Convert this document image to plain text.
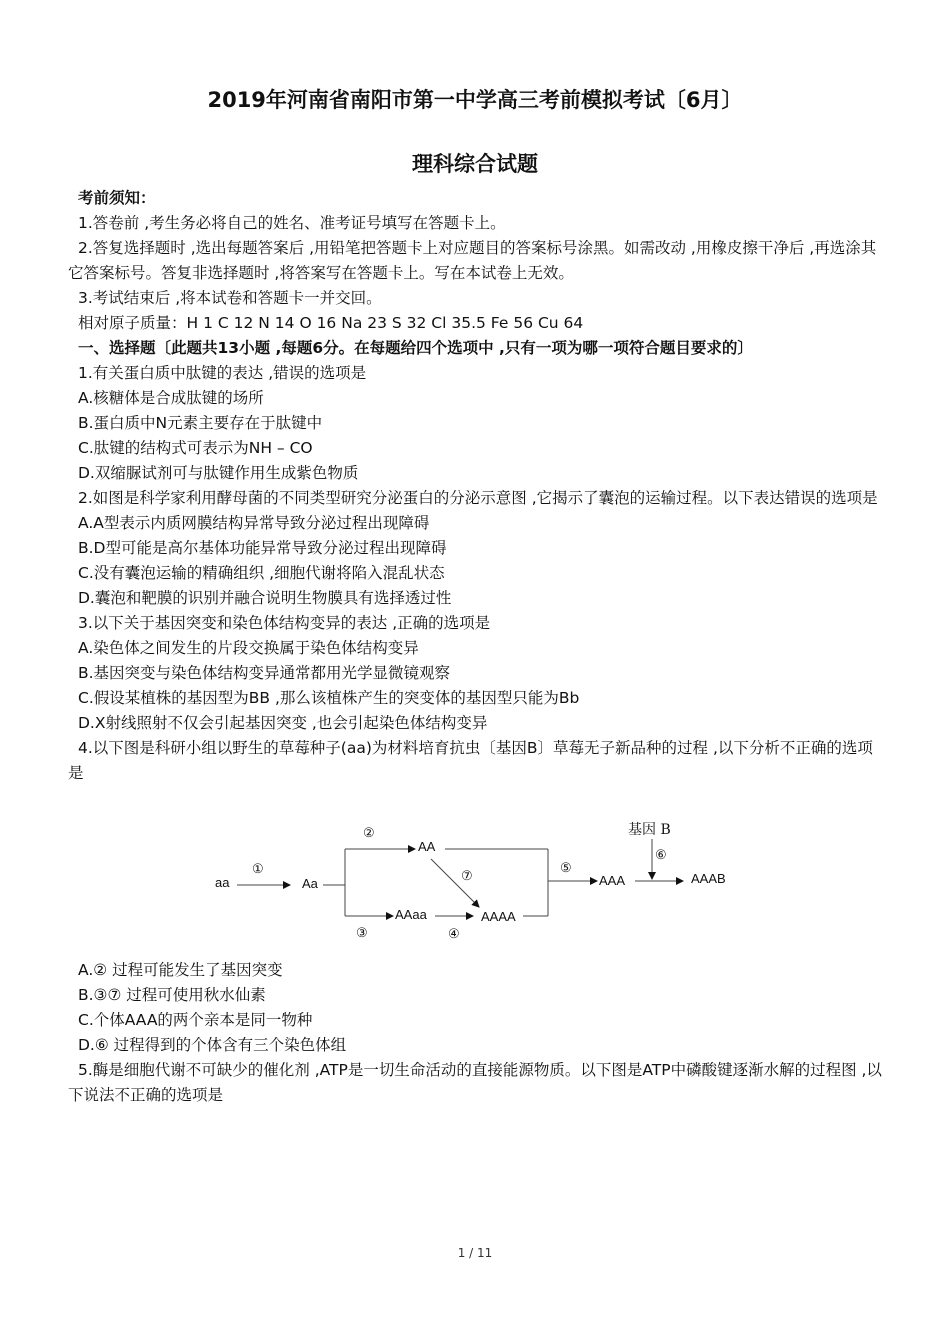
2019年河南省南阳市第一中学高三考前模拟考试〔6月〕
理科综合试题

考前须知：

1.答卷前 ,考生务必将自己的姓名、准考证号填写在答题卡上。

2.答复选择题时 ,选出每题答案后 ,用铅笔把答题卡上对应题目的答案标号涂黑。如需改动 ,用橡皮擦干净后 ,再选涂其它答案标号。答复非选择题时 ,将答案写在答题卡上。写在本试卷上无效。

3.考试结束后 ,将本试卷和答题卡一并交回。

相对原子质量：H 1 C 12 N 14 O 16 Na 23 S 32 Cl 35.5 Fe 56 Cu 64

一、选择题〔此题共13小题 ,每题6分。在每题给四个选项中 ,只有一项为哪一项符合题目要求的〕

1.有关蛋白质中肽键的表达 ,错误的选项是

A.核糖体是合成肽键的场所

B.蛋白质中N元素主要存在于肽键中

C.肽键的结构式可表示为NH – CO

D.双缩脲试剂可与肽键作用生成紫色物质

2.如图是科学家利用酵母菌的不同类型研究分泌蛋白的分泌示意图 ,它揭示了囊泡的运输过程。以下表达错误的选项是

A.A型表示内质网膜结构异常导致分泌过程出现障碍

B.D型可能是高尔基体功能异常导致分泌过程出现障碍

C.没有囊泡运输的精确组织 ,细胞代谢将陷入混乱状态

D.囊泡和靶膜的识别并融合说明生物膜具有选择透过性

3.以下关于基因突变和染色体结构变异的表达 ,正确的选项是

A.染色体之间发生的片段交换属于染色体结构变异

B.基因突变与染色体结构变异通常都用光学显微镜观察

C.假设某植株的基因型为BB ,那么该植株产生的突变体的基因型只能为Bb

D.X射线照射不仅会引起基因突变 ,也会引起染色体结构变异

4.以下图是科研小组以野生的草莓种子(aa)为材料培育抗虫〔基因B〕草莓无子新品种的过程 ,以下分析不正确的选项是

aa	Aa
AA
AAaa	AAAA
AAA	AAAB
基因 B
①
②
③	④
⑤
⑥
⑦

A.② 过程可能发生了基因突变

B.③⑦ 过程可使用秋水仙素

C.个体AAA的两个亲本是同一物种

D.⑥ 过程得到的个体含有三个染色体组

5.酶是细胞代谢不可缺少的催化剂 ,ATP是一切生命活动的直接能源物质。以下图是ATP中磷酸键逐渐水解的过程图 ,以下说法不正确的选项是

1 / 11
